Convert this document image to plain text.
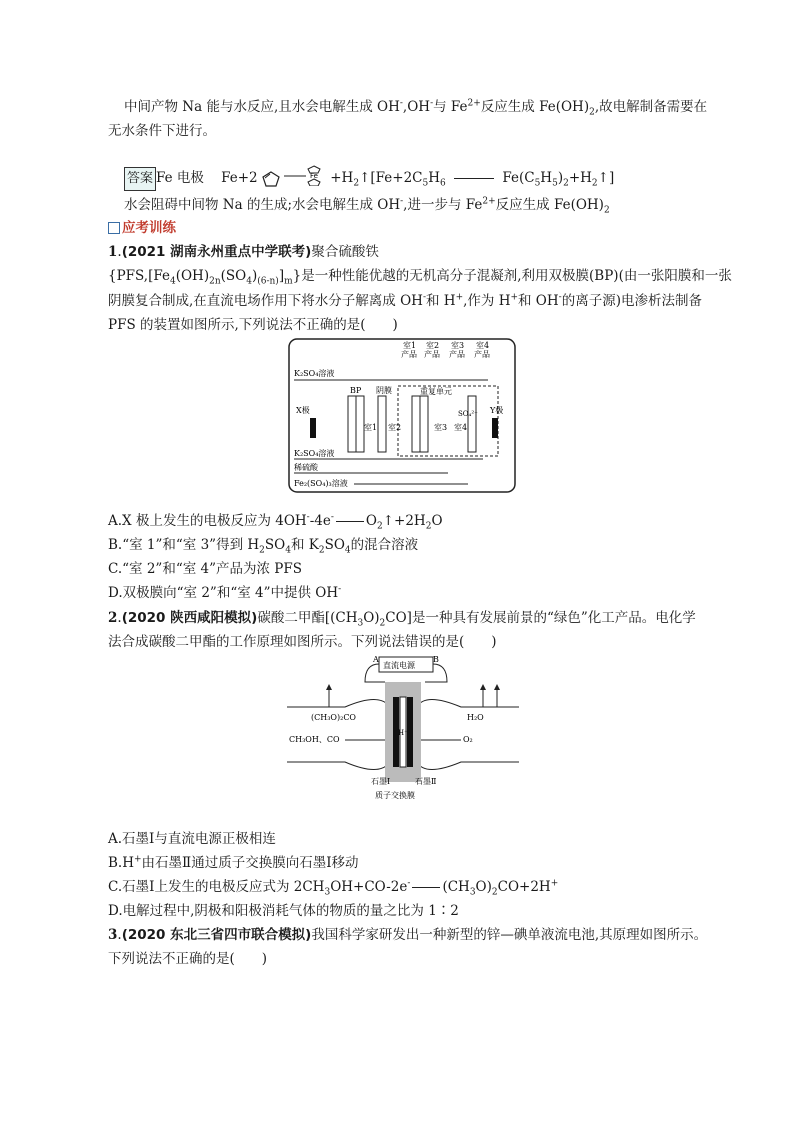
中间产物 Na 能与水反应,且水会电解生成 OH-,OH-与 $Fe^{2+}$反应生成 $Fe(OH)_2$,故电解制备需要在
无水条件下进行。
答案 Fe 电极 Fe+2	$Fe +H_2↑[Fe+2C_5H_6$	$Fe(C_5H_5)_2+H_2↑$]
水会阻碍中间物 Na 的生成;水会电解生成 OH-,进一步与 $Fe^{2+}$反应生成 $Fe(OH)_2$
应考训练
1.(2021 湖南永州重点中学联考)聚合硫酸铁
$\{PFS,[Fe_4(OH)_{2n}(SO_4)_{(6-n)}]_m\}$是一种性能优越的无机高分子混凝剂,利用双极膜(BP)(由一张阳膜和一张
阴膜复合制成,在直流电场作用下将水分子解离成 OH-和 H+,作为 H+和 OH-的离子源)电渗析法制备
PFS 的装置如图所示,下列说法不正确的是(　　)
室1
产品
室2
产品
室3
产品
室4
产品
K₂SO₄溶液
BP 阴膜	重复单元
X极	Y极
室1 室2	室3
SO₄²⁻
室4
K₂SO₄溶液
稀硫酸
Fe₂(SO₄)₃溶液
A.X 极上发生的电极反应为 4OH--4e- $O_2↑+2H_2O$
B.“室 1”和“室 3”得到 $H_2SO_4$和 $K_2SO_4$的混合溶液
C.“室 2”和“室 4”产品为浓 PFS
D.双极膜向“室 2”和“室 4”中提供 OH-
2.(2020 陕西咸阳模拟)碳酸二甲酯$[(CH_3O)_2CO]$是一种具有发展前景的“绿色”化工产品。电化学
法合成碳酸二甲酯的工作原理如图所示。下列说法错误的是(　　)
A	B
直流电源
(CH₃O)₂CO	H₂O
CH₃OH、CO	O₂
H⁺
石墨Ⅰ	石墨Ⅱ
质子交换膜
A.石墨Ⅰ与直流电源正极相连
B.H+由石墨Ⅱ通过质子交换膜向石墨Ⅰ移动
C.石墨Ⅰ上发生的电极反应式为 $2CH_3OH+CO-2e^-$ $(CH_3O)_2CO+2H^+$
D.电解过程中,阴极和阳极消耗气体的物质的量之比为 1∶2
3.(2020 东北三省四市联合模拟)我国科学家研发出一种新型的锌—碘单液流电池,其原理如图所示。
下列说法不正确的是(　　)
